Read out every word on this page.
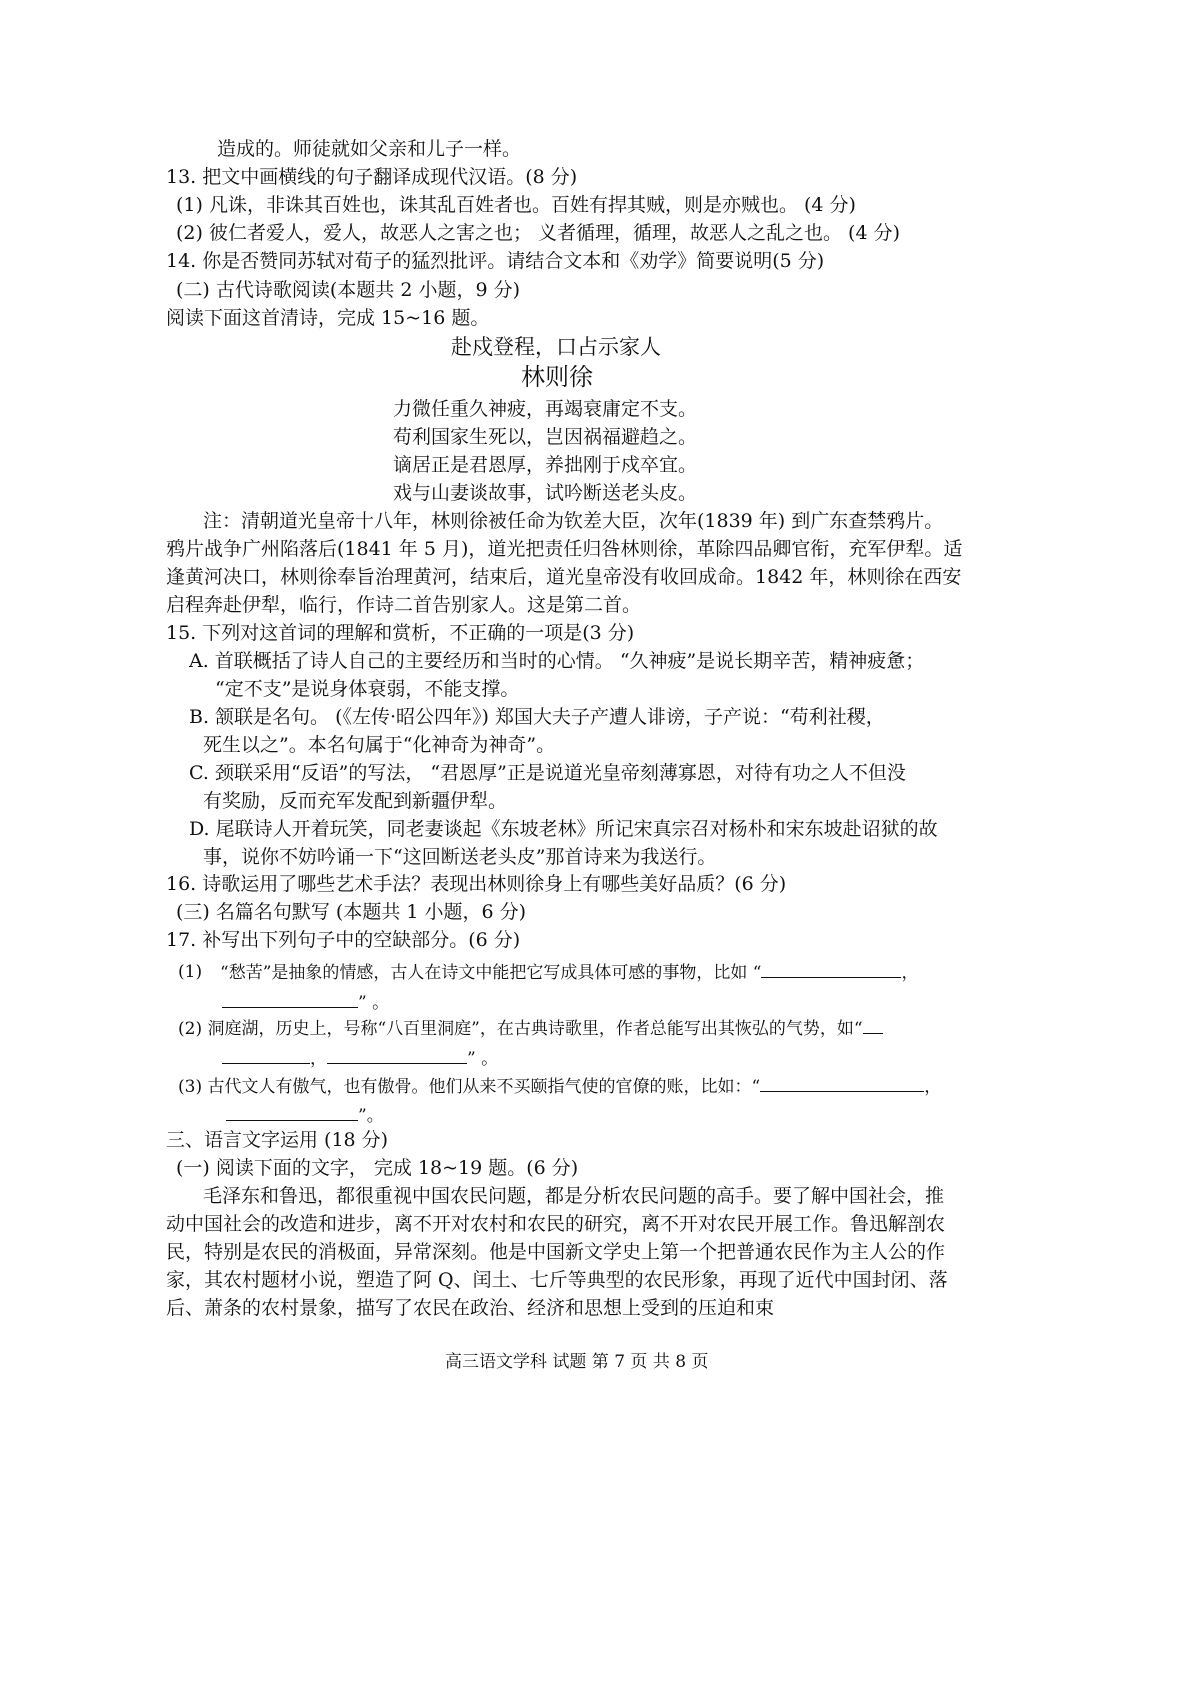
造成的。师徒就如父亲和儿子一样。
13. 把文中画横线的句子翻译成现代汉语。(8 分)
(1) 凡诛，非诛其百姓也，诛其乱百姓者也。百姓有捍其贼，则是亦贼也。 (4 分)
(2) 彼仁者爱人，爱人，故恶人之害之也； 义者循理，循理，故恶人之乱之也。 (4 分)
14. 你是否赞同苏轼对荀子的猛烈批评。请结合文本和《劝学》简要说明(5 分)
(二) 古代诗歌阅读(本题共 2 小题，9 分)
阅读下面这首清诗，完成 15~16 题。
赴戍登程，口占示家人
林则徐
力微任重久神疲，再竭衰庸定不支。
苟利国家生死以，岂因祸福避趋之。
谪居正是君恩厚，养拙刚于戍卒宜。
戏与山妻谈故事，试吟断送老头皮。
注：清朝道光皇帝十八年，林则徐被任命为钦差大臣，次年(1839 年) 到广东查禁鸦片。
鸦片战争广州陷落后(1841 年 5 月)，道光把责任归咎林则徐，革除四品卿官衔，充军伊犁。适
逢黄河决口，林则徐奉旨治理黄河，结束后，道光皇帝没有收回成命。1842 年，林则徐在西安
启程奔赴伊犁，临行，作诗二首告别家人。这是第二首。
15. 下列对这首词的理解和赏析，不正确的一项是(3 分)
A. 首联概括了诗人自己的主要经历和当时的心情。 “久神疲”是说长期辛苦，精神疲惫；
“定不支”是说身体衰弱，不能支撑。
B. 颔联是名句。 (《左传·昭公四年》) 郑国大夫子产遭人诽谤，子产说：“苟利社稷，
死生以之”。本名句属于“化神奇为神奇”。
C. 颈联采用“反语”的写法， “君恩厚”正是说道光皇帝刻薄寡恩，对待有功之人不但没
有奖励，反而充军发配到新疆伊犁。
D. 尾联诗人开着玩笑，同老妻谈起《东坡老林》所记宋真宗召对杨朴和宋东坡赴诏狱的故
事，说你不妨吟诵一下“这回断送老头皮”那首诗来为我送行。
16. 诗歌运用了哪些艺术手法？表现出林则徐身上有哪些美好品质？(6 分)
(三) 名篇名句默写 (本题共 1 小题，6 分)
17. 补写出下列句子中的空缺部分。(6 分)
(1) “愁苦”是抽象的情感，古人在诗文中能把它写成具体可感的事物，比如 “	，
” 。
(2) 洞庭湖，历史上，号称“八百里洞庭”，在古典诗歌里，作者总能写出其恢弘的气势，如“
，	” 。
(3) 古代文人有傲气，也有傲骨。他们从来不买颐指气使的官僚的账，比如：“	，
”。
三、语言文字运用 (18 分)
(一) 阅读下面的文字， 完成 18~19 题。(6 分)
毛泽东和鲁迅，都很重视中国农民问题，都是分析农民问题的高手。要了解中国社会，推
动中国社会的改造和进步，离不开对农村和农民的研究，离不开对农民开展工作。鲁迅解剖农
民，特别是农民的消极面，异常深刻。他是中国新文学史上第一个把普通农民作为主人公的作
家，其农村题材小说，塑造了阿 Q、闰土、七斤等典型的农民形象，再现了近代中国封闭、落
后、萧条的农村景象，描写了农民在政治、经济和思想上受到的压迫和束
高三语文学科 试题 第 7 页 共 8 页
